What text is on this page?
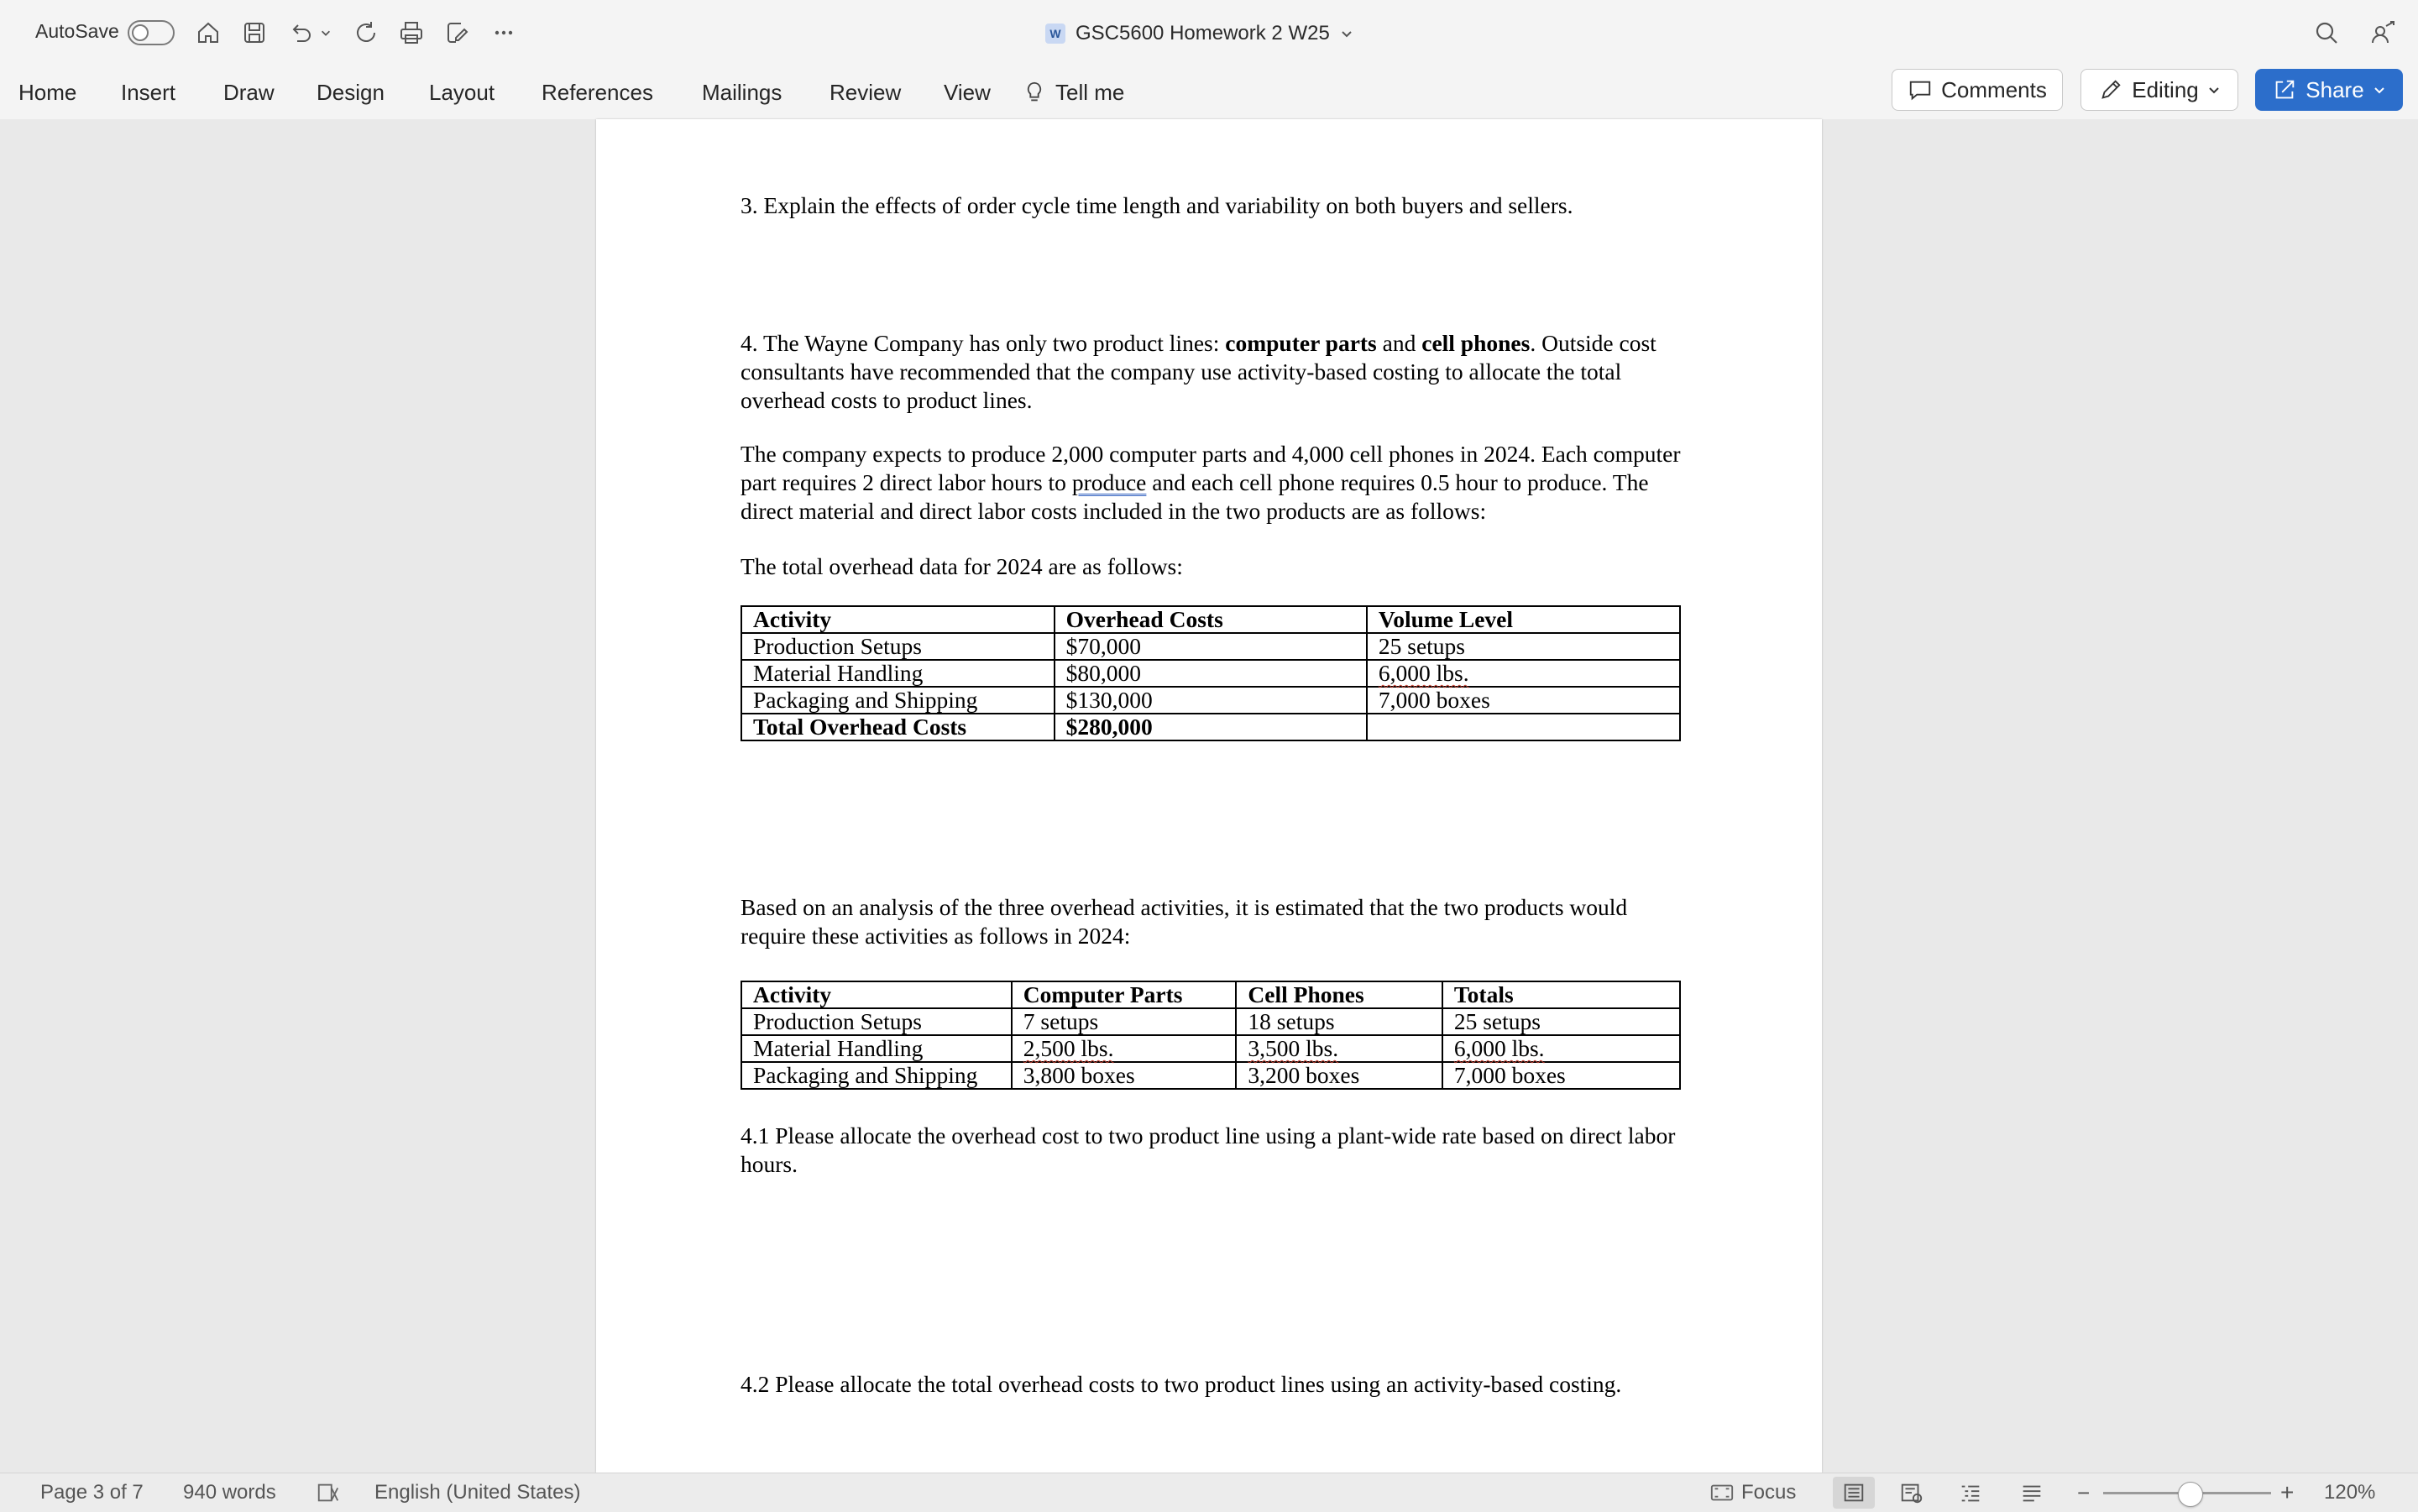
AutoSave	W GSC5600 Homework 2 W25
Home Insert Draw Design Layout References Mailings Review View	Tell me	Comments	Editing	Share

3. Explain the effects of order cycle time length and variability on both buyers and sellers.

4. The Wayne Company has only two product lines: computer parts and cell phones. Outside cost consultants have recommended that the company use activity-based costing to allocate the total overhead costs to product lines.

The company expects to produce 2,000 computer parts and 4,000 cell phones in 2024. Each computer part requires 2 direct labor hours to produce and each cell phone requires 0.5 hour to produce. The direct material and direct labor costs included in the two products are as follows:

The total overhead data for 2024 are as follows:

Activity	Overhead Costs	Volume Level
Production Setups	$70,000	25 setups
Material Handling	$80,000	6,000 lbs.
Packaging and Shipping	$130,000	7,000 boxes
Total Overhead Costs	$280,000	

Based on an analysis of the three overhead activities, it is estimated that the two products would require these activities as follows in 2024:

Activity	Computer Parts	Cell Phones	Totals
Production Setups	7 setups	18 setups	25 setups
Material Handling	2,500 lbs.	3,500 lbs.	6,000 lbs.
Packaging and Shipping	3,800 boxes	3,200 boxes	7,000 boxes

4.1 Please allocate the overhead cost to two product line using a plant-wide rate based on direct labor hours.

4.2 Please allocate the total overhead costs to two product lines using an activity-based costing.

Page 3 of 7 940 words	English (United States)	Focus	−	+ 120%
